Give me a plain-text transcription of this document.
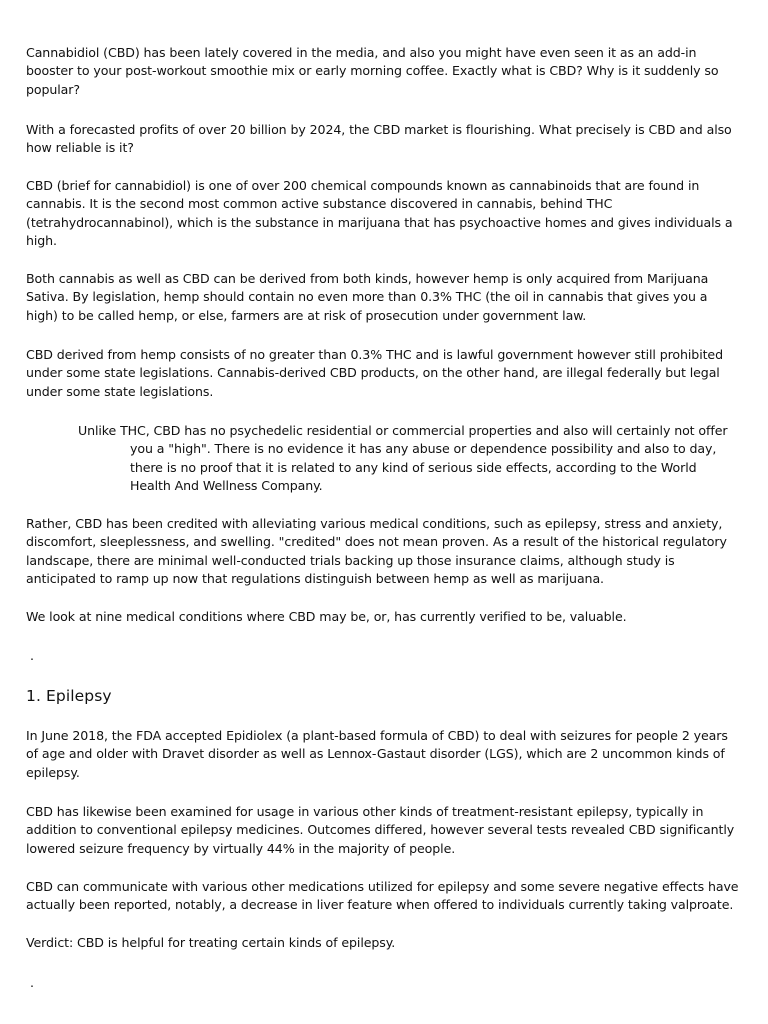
Cannabidiol (CBD) has been lately covered in the media, and also you might have even seen it as an add-in booster to your post-workout smoothie mix or early morning coffee. Exactly what is CBD? Why is it suddenly so popular?

With a forecasted profits of over 20 billion by 2024, the CBD market is flourishing. What precisely is CBD and also how reliable is it?

CBD (brief for cannabidiol) is one of over 200 chemical compounds known as cannabinoids that are found in cannabis. It is the second most common active substance discovered in cannabis, behind THC (tetrahydrocannabinol), which is the substance in marijuana that has psychoactive homes and gives individuals a high.

Both cannabis as well as CBD can be derived from both kinds, however hemp is only acquired from Marijuana Sativa. By legislation, hemp should contain no even more than 0.3% THC (the oil in cannabis that gives you a high) to be called hemp, or else, farmers are at risk of prosecution under government law.

CBD derived from hemp consists of no greater than 0.3% THC and is lawful government however still prohibited under some state legislations. Cannabis-derived CBD products, on the other hand, are illegal federally but legal under some state legislations.

Unlike THC, CBD has no psychedelic residential or commercial properties and also will certainly not offer you a "high". There is no evidence it has any abuse or dependence possibility and also to day, there is no proof that it is related to any kind of serious side effects, according to the World Health And Wellness Company.

Rather, CBD has been credited with alleviating various medical conditions, such as epilepsy, stress and anxiety, discomfort, sleeplessness, and swelling. "credited" does not mean proven. As a result of the historical regulatory landscape, there are minimal well-conducted trials backing up those insurance claims, although study is anticipated to ramp up now that regulations distinguish between hemp as well as marijuana.

We look at nine medical conditions where CBD may be, or, has currently verified to be, valuable.

.

1. Epilepsy

In June 2018, the FDA accepted Epidiolex (a plant-based formula of CBD) to deal with seizures for people 2 years of age and older with Dravet disorder as well as Lennox-Gastaut disorder (LGS), which are 2 uncommon kinds of epilepsy.

CBD has likewise been examined for usage in various other kinds of treatment-resistant epilepsy, typically in addition to conventional epilepsy medicines. Outcomes differed, however several tests revealed CBD significantly lowered seizure frequency by virtually 44% in the majority of people.

CBD can communicate with various other medications utilized for epilepsy and some severe negative effects have actually been reported, notably, a decrease in liver feature when offered to individuals currently taking valproate.

Verdict: CBD is helpful for treating certain kinds of epilepsy.

.
